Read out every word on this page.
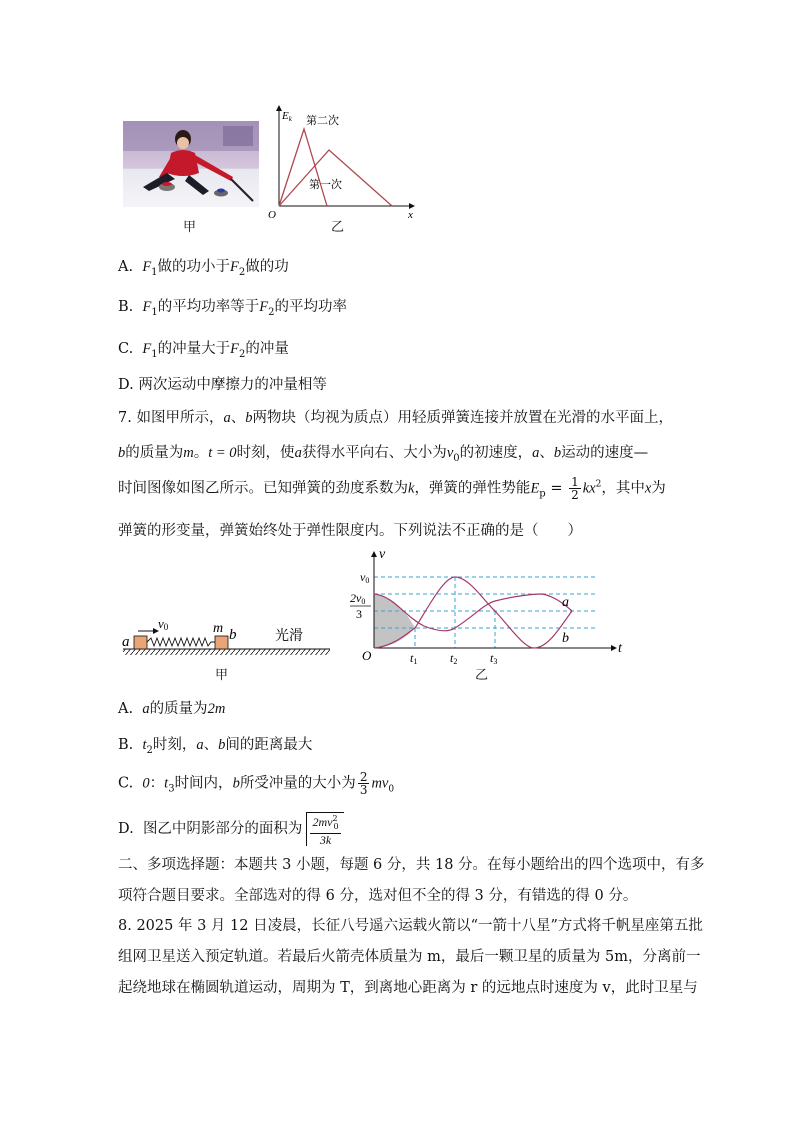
甲
Ek 第二次
第一次
O	x
乙
A. $F_1$做的功小于$F_2$做的功
B. $F_1$的平均功率等于$F_2$的平均功率
C. $F_1$的冲量大于$F_2$的冲量
D. 两次运动中摩擦力的冲量相等
7. 如图甲所示，a、b两物块（均视为质点）用轻质弹簧连接并放置在光滑的水平面上，
b的质量为m。t = 0时刻，使a获得水平向右、大小为$v_0$的初速度，a、b运动的速度—
时间图像如图乙所示。已知弹簧的劲度系数为k，弹簧的弹性势能$E_p = \frac{1}{2} kx^2$，其中x为
弹簧的形变量，弹簧始终处于弹性限度内。下列说法不正确的是（　　）
a	b
m
v0
光滑
甲
v
t
O
v0
2v0
3
t1	t2	t3
a
b
乙
A. a的质量为2m
B. $t_2$时刻，a、b间的距离最大
C. 0：$t_3$时间内，b所受冲量的大小为 $\frac{2}{3} mv_0$
D. 图乙中阴影部分的面积为 $\frac{2mv^2_0}{3k}$
二、多项选择题：本题共 3 小题，每题 6 分，共 18 分。在每小题给出的四个选项中，有多
项符合题目要求。全部选对的得 6 分，选对但不全的得 3 分，有错选的得 0 分。
8. 2025 年 3 月 12 日凌晨，长征八号遥六运载火箭以“一箭十八星”方式将千帆星座第五批
组网卫星送入预定轨道。若最后火箭壳体质量为 m，最后一颗卫星的质量为 5m，分离前一
起绕地球在椭圆轨道运动，周期为 T，到离地心距离为 r 的远地点时速度为 v，此时卫星与
